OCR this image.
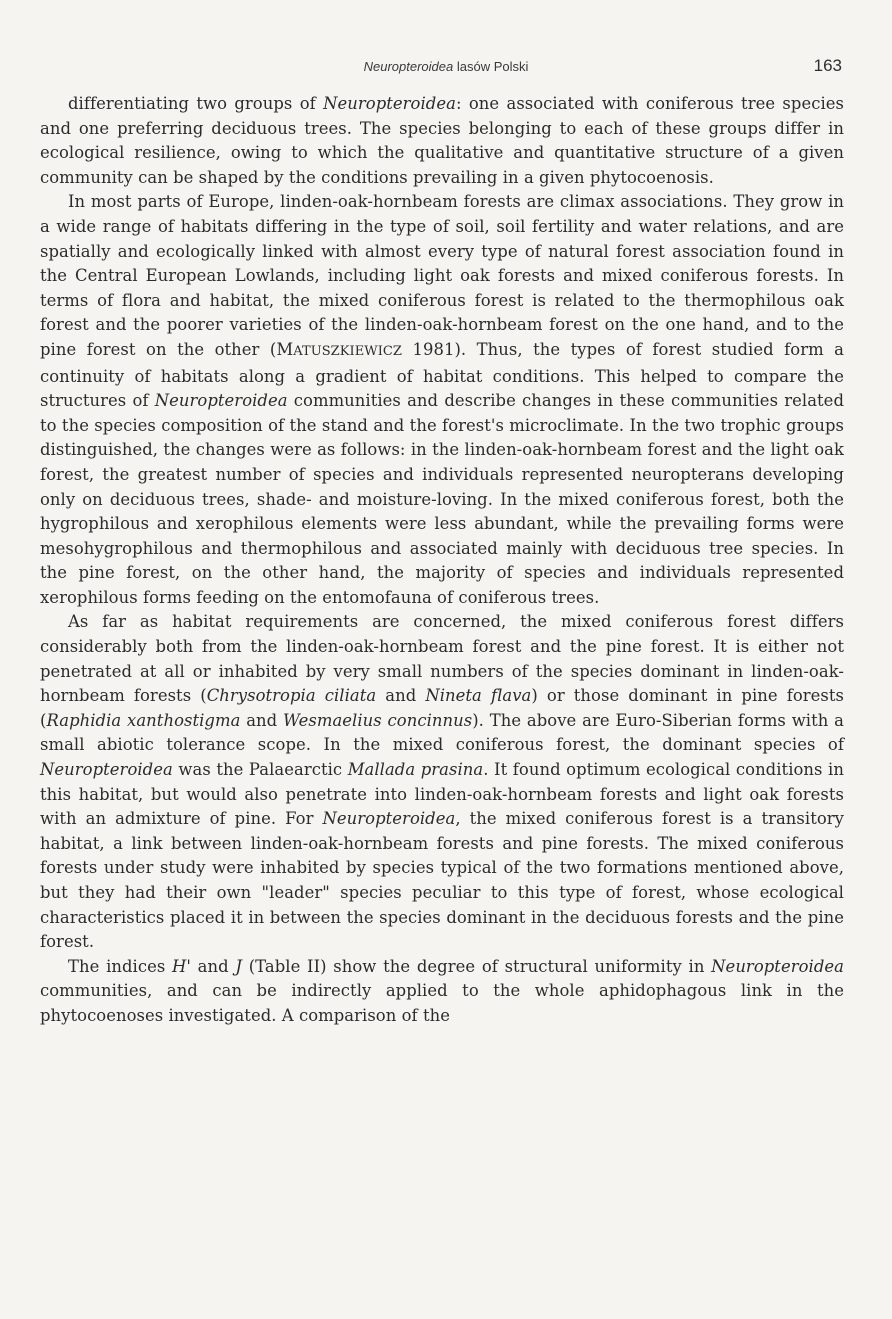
Neuropteroidea lasów Polski	163

differentiating two groups of Neuropteroidea: one associated with coniferous tree species and one preferring deciduous trees. The species belonging to each of these groups differ in ecological resilience, owing to which the qualitative and quantitative structure of a given community can be shaped by the conditions prevailing in a given phytocoenosis.

In most parts of Europe, linden-oak-hornbeam forests are climax associations. They grow in a wide range of habitats differing in the type of soil, soil fertility and water relations, and are spatially and ecologically linked with almost every type of natural forest association found in the Central European Lowlands, including light oak forests and mixed coniferous forests. In terms of flora and habitat, the mixed coniferous forest is related to the thermophilous oak forest and the poorer varieties of the linden-oak-hornbeam forest on the one hand, and to the pine forest on the other (MATUSZKIEWICZ 1981). Thus, the types of forest studied form a continuity of habitats along a gradient of habitat conditions. This helped to compare the structures of Neuropteroidea communities and describe changes in these communities related to the species composition of the stand and the forest's microclimate. In the two trophic groups distinguished, the changes were as follows: in the linden-oak-hornbeam forest and the light oak forest, the greatest number of species and individuals represented neuropterans developing only on deciduous trees, shade- and moisture-loving. In the mixed coniferous forest, both the hygrophilous and xerophilous elements were less abundant, while the prevailing forms were mesohygrophilous and thermophilous and associated mainly with deciduous tree species. In the pine forest, on the other hand, the majority of species and individuals represented xerophilous forms feeding on the entomofauna of coniferous trees.

As far as habitat requirements are concerned, the mixed coniferous forest differs considerably both from the linden-oak-hornbeam forest and the pine forest. It is either not penetrated at all or inhabited by very small numbers of the species dominant in linden-oak-hornbeam forests (Chrysotropia ciliata and Nineta flava) or those dominant in pine forests (Raphidia xanthostigma and Wesmaelius concinnus). The above are Euro-Siberian forms with a small abiotic tolerance scope. In the mixed coniferous forest, the dominant species of Neuropteroidea was the Palaearctic Mallada prasina. It found optimum ecological conditions in this habitat, but would also penetrate into linden-oak-hornbeam forests and light oak forests with an admixture of pine. For Neuropteroidea, the mixed coniferous forest is a transitory habitat, a link between linden-oak-hornbeam forests and pine forests. The mixed coniferous forests under study were inhabited by species typical of the two formations mentioned above, but they had their own "leader" species peculiar to this type of forest, whose ecological characteristics placed it in between the species dominant in the deciduous forests and the pine forest.

The indices H' and J (Table II) show the degree of structural uniformity in Neuropteroidea communities, and can be indirectly applied to the whole aphidophagous link in the phytocoenoses investigated. A comparison of the
